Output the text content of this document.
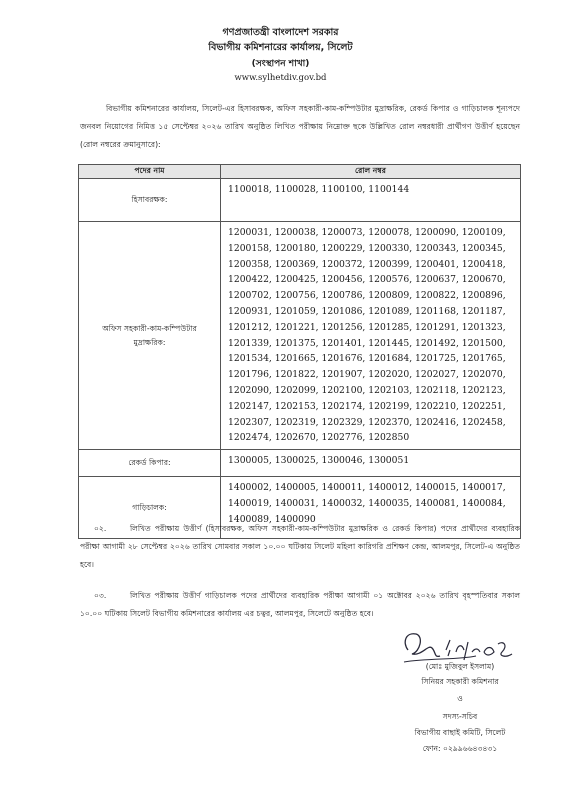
গণপ্রজাতন্ত্রী বাংলাদেশ সরকার
বিভাগীয় কমিশনারের কার্যালয়, সিলেট
(সংস্থাপন শাখা)
www.sylhetdiv.gov.bd
বিভাগীয় কমিশনারের কার্যালয়, সিলেট-এর হিসাবরক্ষক, অফিস সহকারী-কাম-কম্পিউটার মুদ্রাক্ষরিক, রেকর্ড কিপার ও গাড়িচালক শূন্যপদে জনবল নিয়োগের নিমিত্ত ১৫ সেপ্টেম্বর ২০২৬ তারিখ অনুষ্ঠিত লিখিত পরীক্ষায় নিম্নোক্ত ছকে উল্লিখিত রোল নম্বরধারী প্রার্থীগণ উত্তীর্ণ হয়েছেন (রোল নম্বরের ক্রমানুসারে):
পদের নাম	রোল নম্বর
হিসাবরক্ষক:	1100018, 1100028, 1100100, 1100144
অফিস সহকারী-কাম-কম্পিউটার মুদ্রাক্ষরিক:	1200031, 1200038, 1200073, 1200078, 1200090, 1200109, 1200158, 1200180, 1200229, 1200330, 1200343, 1200345, 1200358, 1200369, 1200372, 1200399, 1200401, 1200418, 1200422, 1200425, 1200456, 1200576, 1200637, 1200670, 1200702, 1200756, 1200786, 1200809, 1200822, 1200896, 1200931, 1201059, 1201086, 1201089, 1201168, 1201187, 1201212, 1201221, 1201256, 1201285, 1201291, 1201323, 1201339, 1201375, 1201401, 1201445, 1201492, 1201500, 1201534, 1201665, 1201676, 1201684, 1201725, 1201765, 1201796, 1201822, 1201907, 1202020, 1202027, 1202070, 1202090, 1202099, 1202100, 1202103, 1202118, 1202123, 1202147, 1202153, 1202174, 1202199, 1202210, 1202251, 1202307, 1202319, 1202329, 1202370, 1202416, 1202458, 1202474, 1202670, 1202776, 1202850
রেকর্ড কিপার:	1300005, 1300025, 1300046, 1300051
গাড়িচালক:	1400002, 1400005, 1400011, 1400012, 1400015, 1400017, 1400019, 1400031, 1400032, 1400035, 1400081, 1400084, 1400089, 1400090
০২.	লিখিত পরীক্ষায় উত্তীর্ণ (হিসাবরক্ষক, অফিস সহকারী-কাম-কম্পিউটার মুদ্রাক্ষরিক ও রেকর্ড কিপার) পদের প্রার্থীদের ব্যবহারিক পরীক্ষা আগামী ২৮ সেপ্টেম্বর ২০২৬ তারিখ সোমবার সকাল ১০.০০ ঘটিকায় সিলেট মহিলা কারিগরি প্রশিক্ষণ কেন্দ্র, আলমপুর, সিলেট-এ অনুষ্ঠিত হবে।
০৩.	লিখিত পরীক্ষায় উত্তীর্ণ গাড়িচালক পদের প্রার্থীদের ব্যবহারিক পরীক্ষা আগামী ০১ অক্টোবর ২০২৬ তারিখ বৃহস্পতিবার সকাল ১০.০০ ঘটিকায় সিলেট বিভাগীয় কমিশনারের কার্যালয় এর চত্বর, আলমপুর, সিলেটে অনুষ্ঠিত হবে।
(মোঃ মুজিবুল ইসলাম)
সিনিয়র সহকারী কমিশনার
ও
সদস্য-সচিব
বিভাগীয় বাছাই কমিটি, সিলেট
ফোন: ০২৯৯৬৬৪৩৪৩১
